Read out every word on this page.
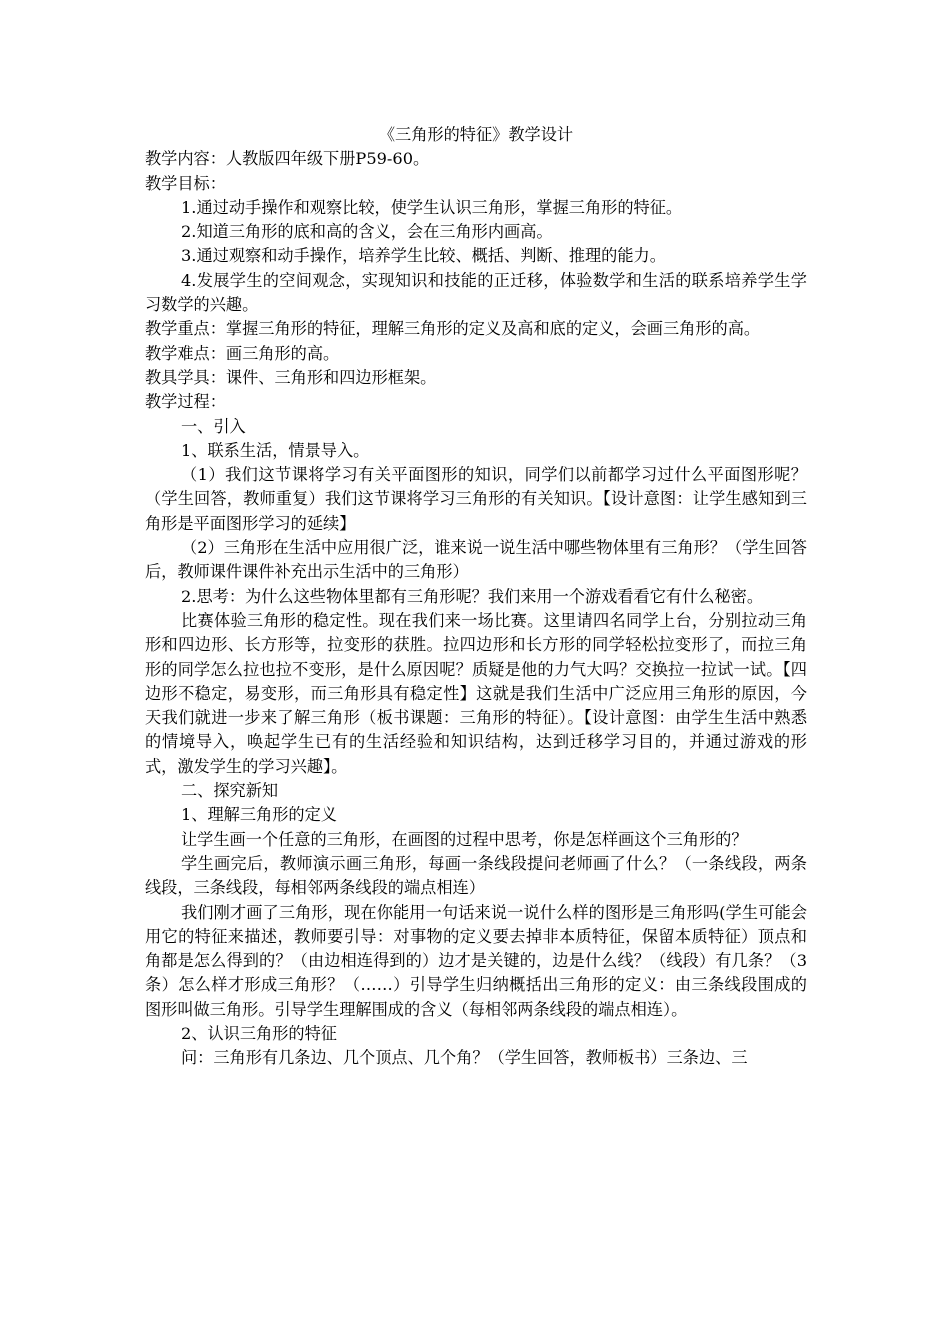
《三角形的特征》教学设计

教学内容：人教版四年级下册P59-60。

教学目标：

1.通过动手操作和观察比较，使学生认识三角形，掌握三角形的特征。

2.知道三角形的底和高的含义，会在三角形内画高。

3.通过观察和动手操作，培养学生比较、概括、判断、推理的能力。

4.发展学生的空间观念，实现知识和技能的正迁移，体验数学和生活的联系培养学生学习数学的兴趣。

教学重点：掌握三角形的特征，理解三角形的定义及高和底的定义，会画三角形的高。

教学难点：画三角形的高。

教具学具：课件、三角形和四边形框架。

教学过程：

一、引入

1、联系生活，情景导入。

（1）我们这节课将学习有关平面图形的知识，同学们以前都学习过什么平面图形呢？（学生回答，教师重复）我们这节课将学习三角形的有关知识。【设计意图：让学生感知到三角形是平面图形学习的延续】

（2）三角形在生活中应用很广泛，谁来说一说生活中哪些物体里有三角形？（学生回答后，教师课件课件补充出示生活中的三角形）

2.思考：为什么这些物体里都有三角形呢？我们来用一个游戏看看它有什么秘密。

比赛体验三角形的稳定性。现在我们来一场比赛。这里请四名同学上台，分别拉动三角形和四边形、长方形等，拉变形的获胜。拉四边形和长方形的同学轻松拉变形了，而拉三角形的同学怎么拉也拉不变形，是什么原因呢？质疑是他的力气大吗？交换拉一拉试一试。【四边形不稳定，易变形，而三角形具有稳定性】这就是我们生活中广泛应用三角形的原因，今天我们就进一步来了解三角形（板书课题：三角形的特征）。【设计意图：由学生生活中熟悉的情境导入，唤起学生已有的生活经验和知识结构，达到迁移学习目的，并通过游戏的形式，激发学生的学习兴趣】。

二、探究新知

1、理解三角形的定义

让学生画一个任意的三角形，在画图的过程中思考，你是怎样画这个三角形的？

学生画完后，教师演示画三角形，每画一条线段提问老师画了什么？（一条线段，两条线段，三条线段，每相邻两条线段的端点相连）

我们刚才画了三角形，现在你能用一句话来说一说什么样的图形是三角形吗(学生可能会用它的特征来描述，教师要引导：对事物的定义要去掉非本质特征，保留本质特征）顶点和角都是怎么得到的？（由边相连得到的）边才是关键的，边是什么线？（线段）有几条？（3条）怎么样才形成三角形？（……）引导学生归纳概括出三角形的定义：由三条线段围成的图形叫做三角形。引导学生理解围成的含义（每相邻两条线段的端点相连）。

2、认识三角形的特征

问：三角形有几条边、几个顶点、几个角？（学生回答，教师板书）三条边、三
